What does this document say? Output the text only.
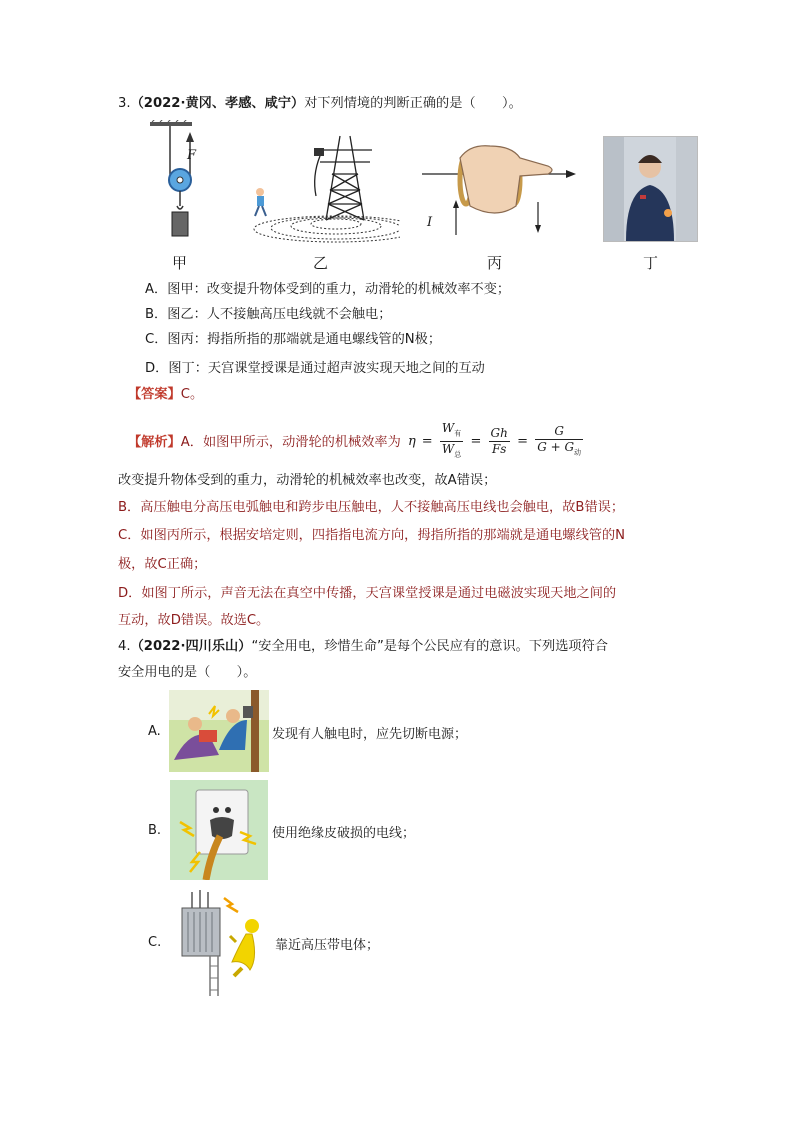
3.（2022·黄冈、孝感、咸宁）对下列情境的判断正确的是（　　）。
F
I
甲	乙	丙	丁
A．图甲：改变提升物体受到的重力，动滑轮的机械效率不变；
B．图乙：人不接触高压电线就不会触电；
C．图丙：拇指所指的那端就是通电螺线管的N极；
D．图丁：天宫课堂授课是通过超声波实现天地之间的互动
【答案】C。
【解析】A．如图甲所示，动滑轮的机械效率为 $\eta = \frac{W_有}{W_总} = \frac{Gh}{Fs} = \frac{G}{G + G_动}$
改变提升物体受到的重力，动滑轮的机械效率也改变，故A错误；
B．高压触电分高压电弧触电和跨步电压触电，人不接触高压电线也会触电，故B错误；
C．如图丙所示，根据安培定则，四指指电流方向，拇指所指的那端就是通电螺线管的N
极，故C正确；
D．如图丁所示，声音无法在真空中传播，天宫课堂授课是通过电磁波实现天地之间的
互动，故D错误。故选C。
4.（2022·四川乐山）“安全用电，珍惜生命”是每个公民应有的意识。下列选项符合
安全用电的是（　　）。
A.	发现有人触电时，应先切断电源；
B.	使用绝缘皮破损的电线；
C.	靠近高压带电体；
